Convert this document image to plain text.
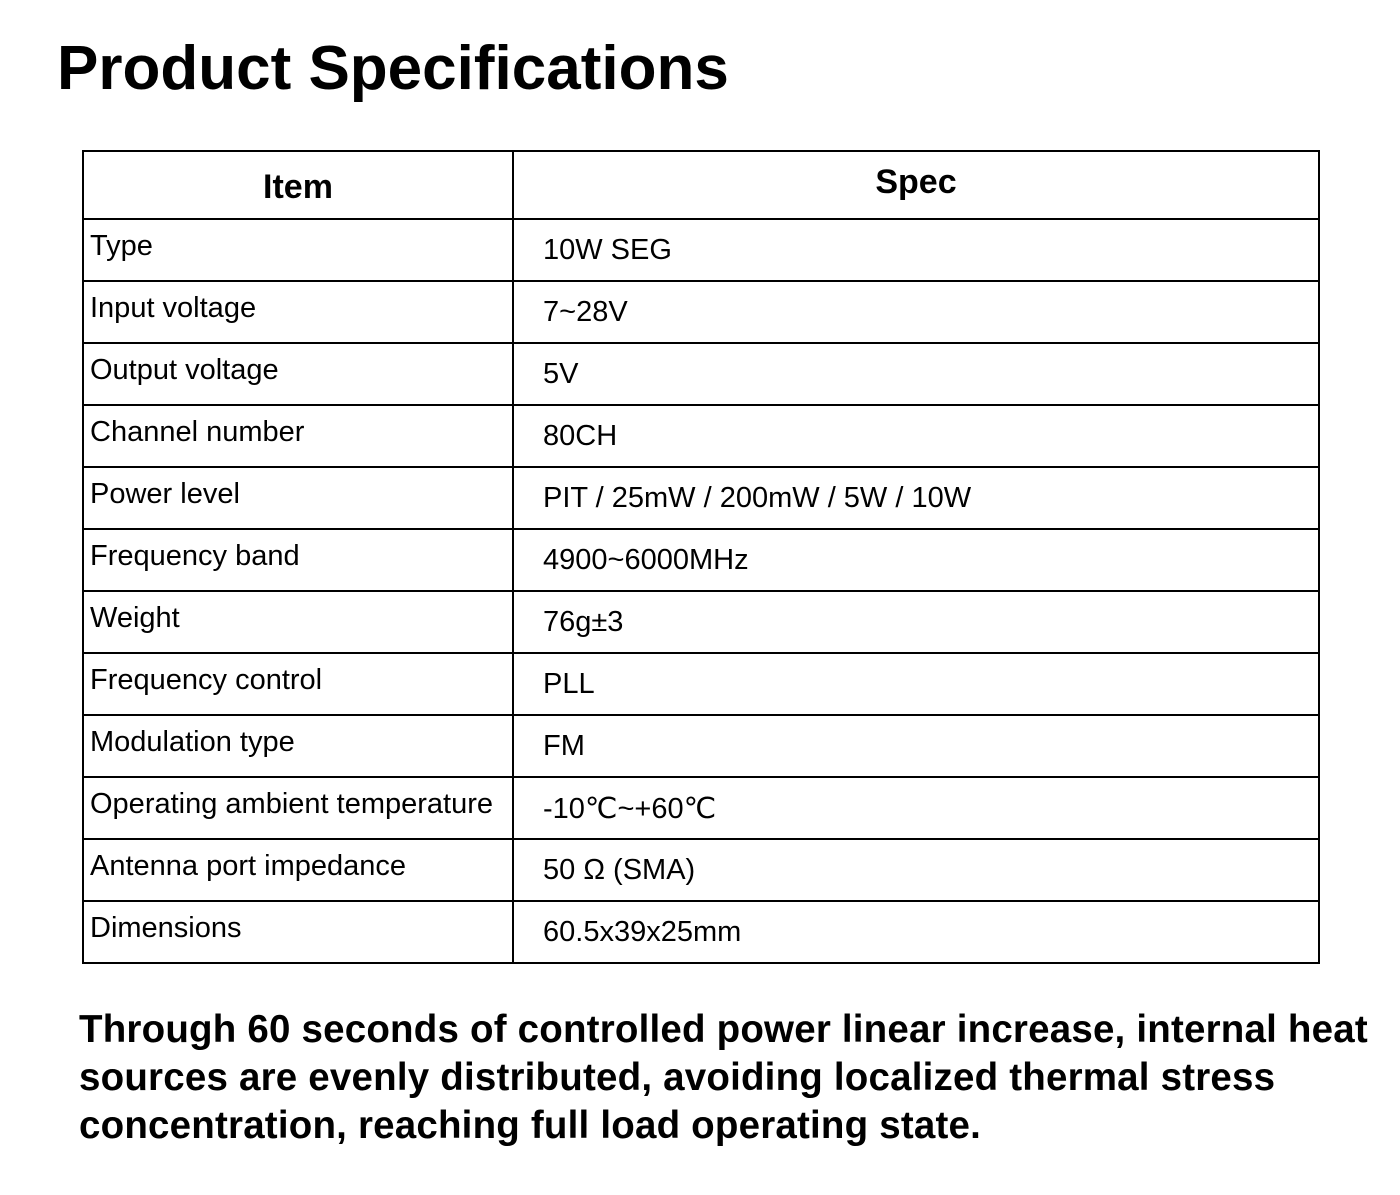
Product Specifications
Item	Spec
Type	10W SEG
Input voltage	7~28V
Output voltage	5V
Channel number	80CH
Power level	PIT / 25mW / 200mW / 5W / 10W
Frequency band	4900~6000MHz
Weight	76g±3
Frequency control	PLL
Modulation type	FM
Operating ambient temperature	-10℃~+60℃
Antenna port impedance	50 Ω (SMA)
Dimensions	60.5x39x25mm

Through 60 seconds of controlled power linear increase, internal heat sources are evenly distributed, avoiding localized thermal stress concentration, reaching full load operating state.
